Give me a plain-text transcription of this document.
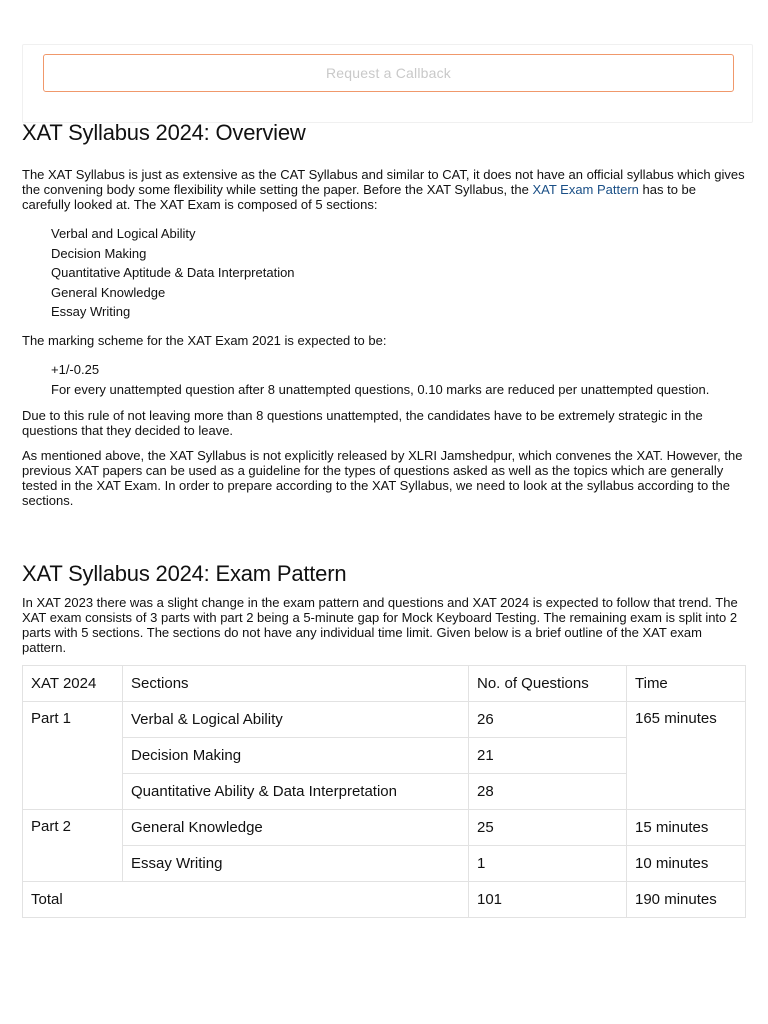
Request a Callback
XAT Syllabus 2024: Overview

The XAT Syllabus is just as extensive as the CAT Syllabus and similar to CAT, it does not have an official syllabus which gives the convening body some flexibility while setting the paper. Before the XAT Syllabus, the XAT Exam Pattern has to be carefully looked at. The XAT Exam is composed of 5 sections:

Verbal and Logical Ability
Decision Making
Quantitative Aptitude & Data Interpretation
General Knowledge
Essay Writing

The marking scheme for the XAT Exam 2021 is expected to be:

+1/-0.25
For every unattempted question after 8 unattempted questions, 0.10 marks are reduced per unattempted question.

Due to this rule of not leaving more than 8 questions unattempted, the candidates have to be extremely strategic in the questions that they decided to leave.

As mentioned above, the XAT Syllabus is not explicitly released by XLRI Jamshedpur, which convenes the XAT. However, the previous XAT papers can be used as a guideline for the types of questions asked as well as the topics which are generally tested in the XAT Exam. In order to prepare according to the XAT Syllabus, we need to look at the syllabus according to the sections.

XAT Syllabus 2024: Exam Pattern

In XAT 2023 there was a slight change in the exam pattern and questions and XAT 2024 is expected to follow that trend. The XAT exam consists of 3 parts with part 2 being a 5-minute gap for Mock Keyboard Testing. The remaining exam is split into 2 parts with 5 sections. The sections do not have any individual time limit. Given below is a brief outline of the XAT exam pattern.

XAT 2024	Sections	No. of Questions	Time
Part 1	Verbal & Logical Ability	26	165 minutes
	Decision Making	21	
	Quantitative Ability & Data Interpretation	28	
Part 2	General Knowledge	25	15 minutes
	Essay Writing	1	10 minutes
Total		101	190 minutes
